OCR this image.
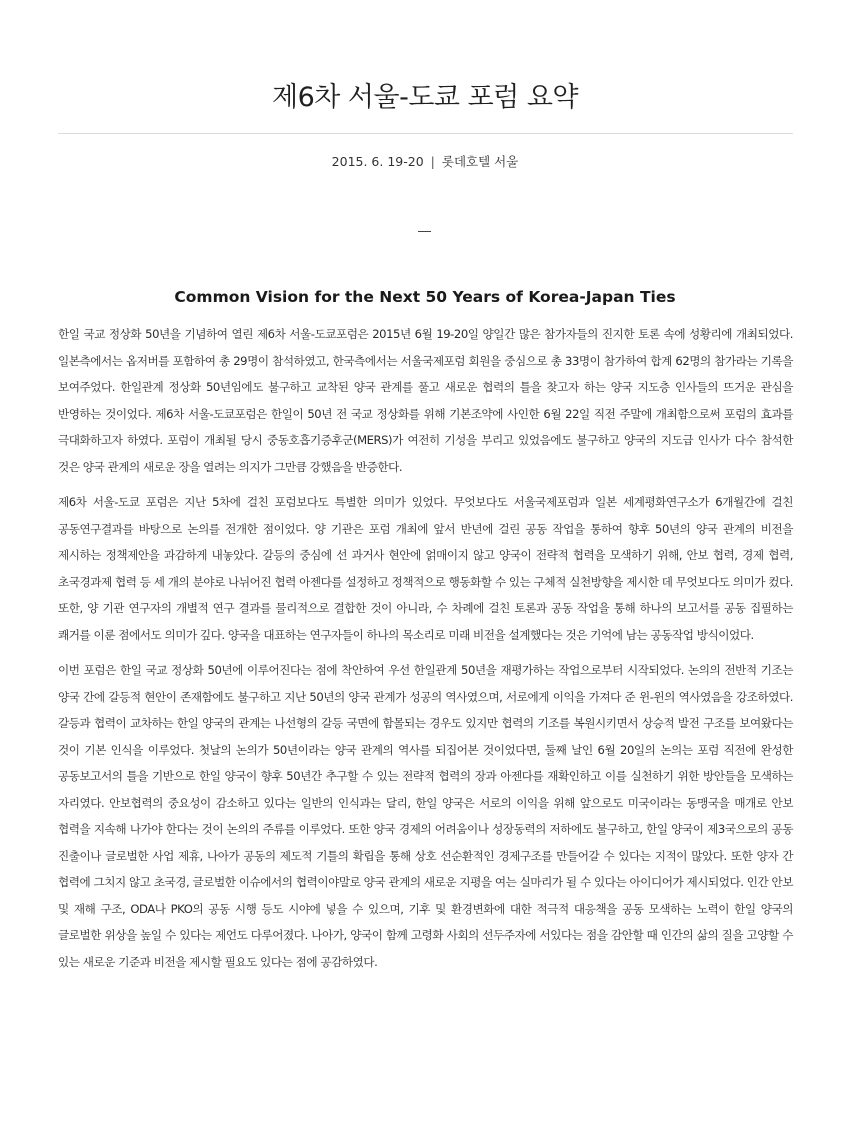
제6차 서울-도쿄 포럼 요약
2015. 6. 19-20 | 롯데호텔 서울
Common Vision for the Next 50 Years of Korea-Japan Ties

한일 국교 정상화 50년을 기념하여 열린 제6차 서울-도쿄포럼은 2015년 6월 19-20일 양일간 많은 참가자들의 진지한 토론 속에 성황리에 개최되었다. 일본측에서는 옵저버를 포함하여 총 29명이 참석하였고, 한국측에서는 서울국제포럼 회원을 중심으로 총 33명이 참가하여 합계 62명의 참가라는 기록을 보여주었다. 한일관계 정상화 50년임에도 불구하고 교착된 양국 관계를 풀고 새로운 협력의 틀을 찾고자 하는 양국 지도층 인사들의 뜨거운 관심을 반영하는 것이었다. 제6차 서울-도쿄포럼은 한일이 50년 전 국교 정상화를 위해 기본조약에 사인한 6월 22일 직전 주말에 개최함으로써 포럼의 효과를 극대화하고자 하였다. 포럼이 개최될 당시 중동호흡기증후군(MERS)가 여전히 기성을 부리고 있었음에도 불구하고 양국의 지도급 인사가 다수 참석한 것은 양국 관계의 새로운 장을 열려는 의지가 그만큼 강했음을 반증한다.

제6차 서울-도쿄 포럼은 지난 5차에 걸친 포럼보다도 특별한 의미가 있었다. 무엇보다도 서울국제포럼과 일본 세계평화연구소가 6개월간에 걸친 공동연구결과를 바탕으로 논의를 전개한 점이었다. 양 기관은 포럼 개최에 앞서 반년에 걸린 공동 작업을 통하여 향후 50년의 양국 관계의 비전을 제시하는 정책제안을 과감하게 내놓았다. 갈등의 중심에 선 과거사 현안에 얽매이지 않고 양국이 전략적 협력을 모색하기 위해, 안보 협력, 경제 협력, 초국경과제 협력 등 세 개의 분야로 나뉘어진 협력 아젠다를 설정하고 정책적으로 행동화할 수 있는 구체적 실천방향을 제시한 데 무엇보다도 의미가 컸다. 또한, 양 기관 연구자의 개별적 연구 결과를 물리적으로 결합한 것이 아니라, 수 차례에 걸친 토론과 공동 작업을 통해 하나의 보고서를 공동 집필하는 쾌거를 이룬 점에서도 의미가 깊다. 양국을 대표하는 연구자들이 하나의 목소리로 미래 비전을 설계했다는 것은 기억에 남는 공동작업 방식이었다.

이번 포럼은 한일 국교 정상화 50년에 이루어진다는 점에 착안하여 우선 한일관계 50년을 재평가하는 작업으로부터 시작되었다. 논의의 전반적 기조는 양국 간에 갈등적 현안이 존재함에도 불구하고 지난 50년의 양국 관계가 성공의 역사였으며, 서로에게 이익을 가져다 준 윈-윈의 역사였음을 강조하였다. 갈등과 협력이 교차하는 한일 양국의 관계는 나선형의 갈등 국면에 함몰되는 경우도 있지만 협력의 기조를 복원시키면서 상승적 발전 구조를 보여왔다는 것이 기본 인식을 이루었다. 첫날의 논의가 50년이라는 양국 관계의 역사를 되집어본 것이었다면, 둘째 날인 6월 20일의 논의는 포럼 직전에 완성한 공동보고서의 틀을 기반으로 한일 양국이 향후 50년간 추구할 수 있는 전략적 협력의 장과 아젠다를 재확인하고 이를 실천하기 위한 방안들을 모색하는 자리였다. 안보협력의 중요성이 감소하고 있다는 일반의 인식과는 달리, 한일 양국은 서로의 이익을 위해 앞으로도 미국이라는 동맹국을 매개로 안보 협력을 지속해 나가야 한다는 것이 논의의 주류를 이루었다. 또한 양국 경제의 어려움이나 성장동력의 저하에도 불구하고, 한일 양국이 제3국으로의 공동 진출이나 글로벌한 사업 제휴, 나아가 공동의 제도적 기틀의 확립을 통해 상호 선순환적인 경제구조를 만들어갈 수 있다는 지적이 많았다. 또한 양자 간 협력에 그치지 않고 초국경, 글로벌한 이슈에서의 협력이야말로 양국 관계의 새로운 지평을 여는 실마리가 될 수 있다는 아이디어가 제시되었다. 인간 안보 및 재해 구조, ODA나 PKO의 공동 시행 등도 시야에 넣을 수 있으며, 기후 및 환경변화에 대한 적극적 대응책을 공동 모색하는 노력이 한일 양국의 글로벌한 위상을 높일 수 있다는 제언도 다루어졌다. 나아가, 양국이 함께 고령화 사회의 선두주자에 서있다는 점을 감안할 때 인간의 삶의 질을 고양할 수 있는 새로운 기준과 비전을 제시할 필요도 있다는 점에 공감하였다.
